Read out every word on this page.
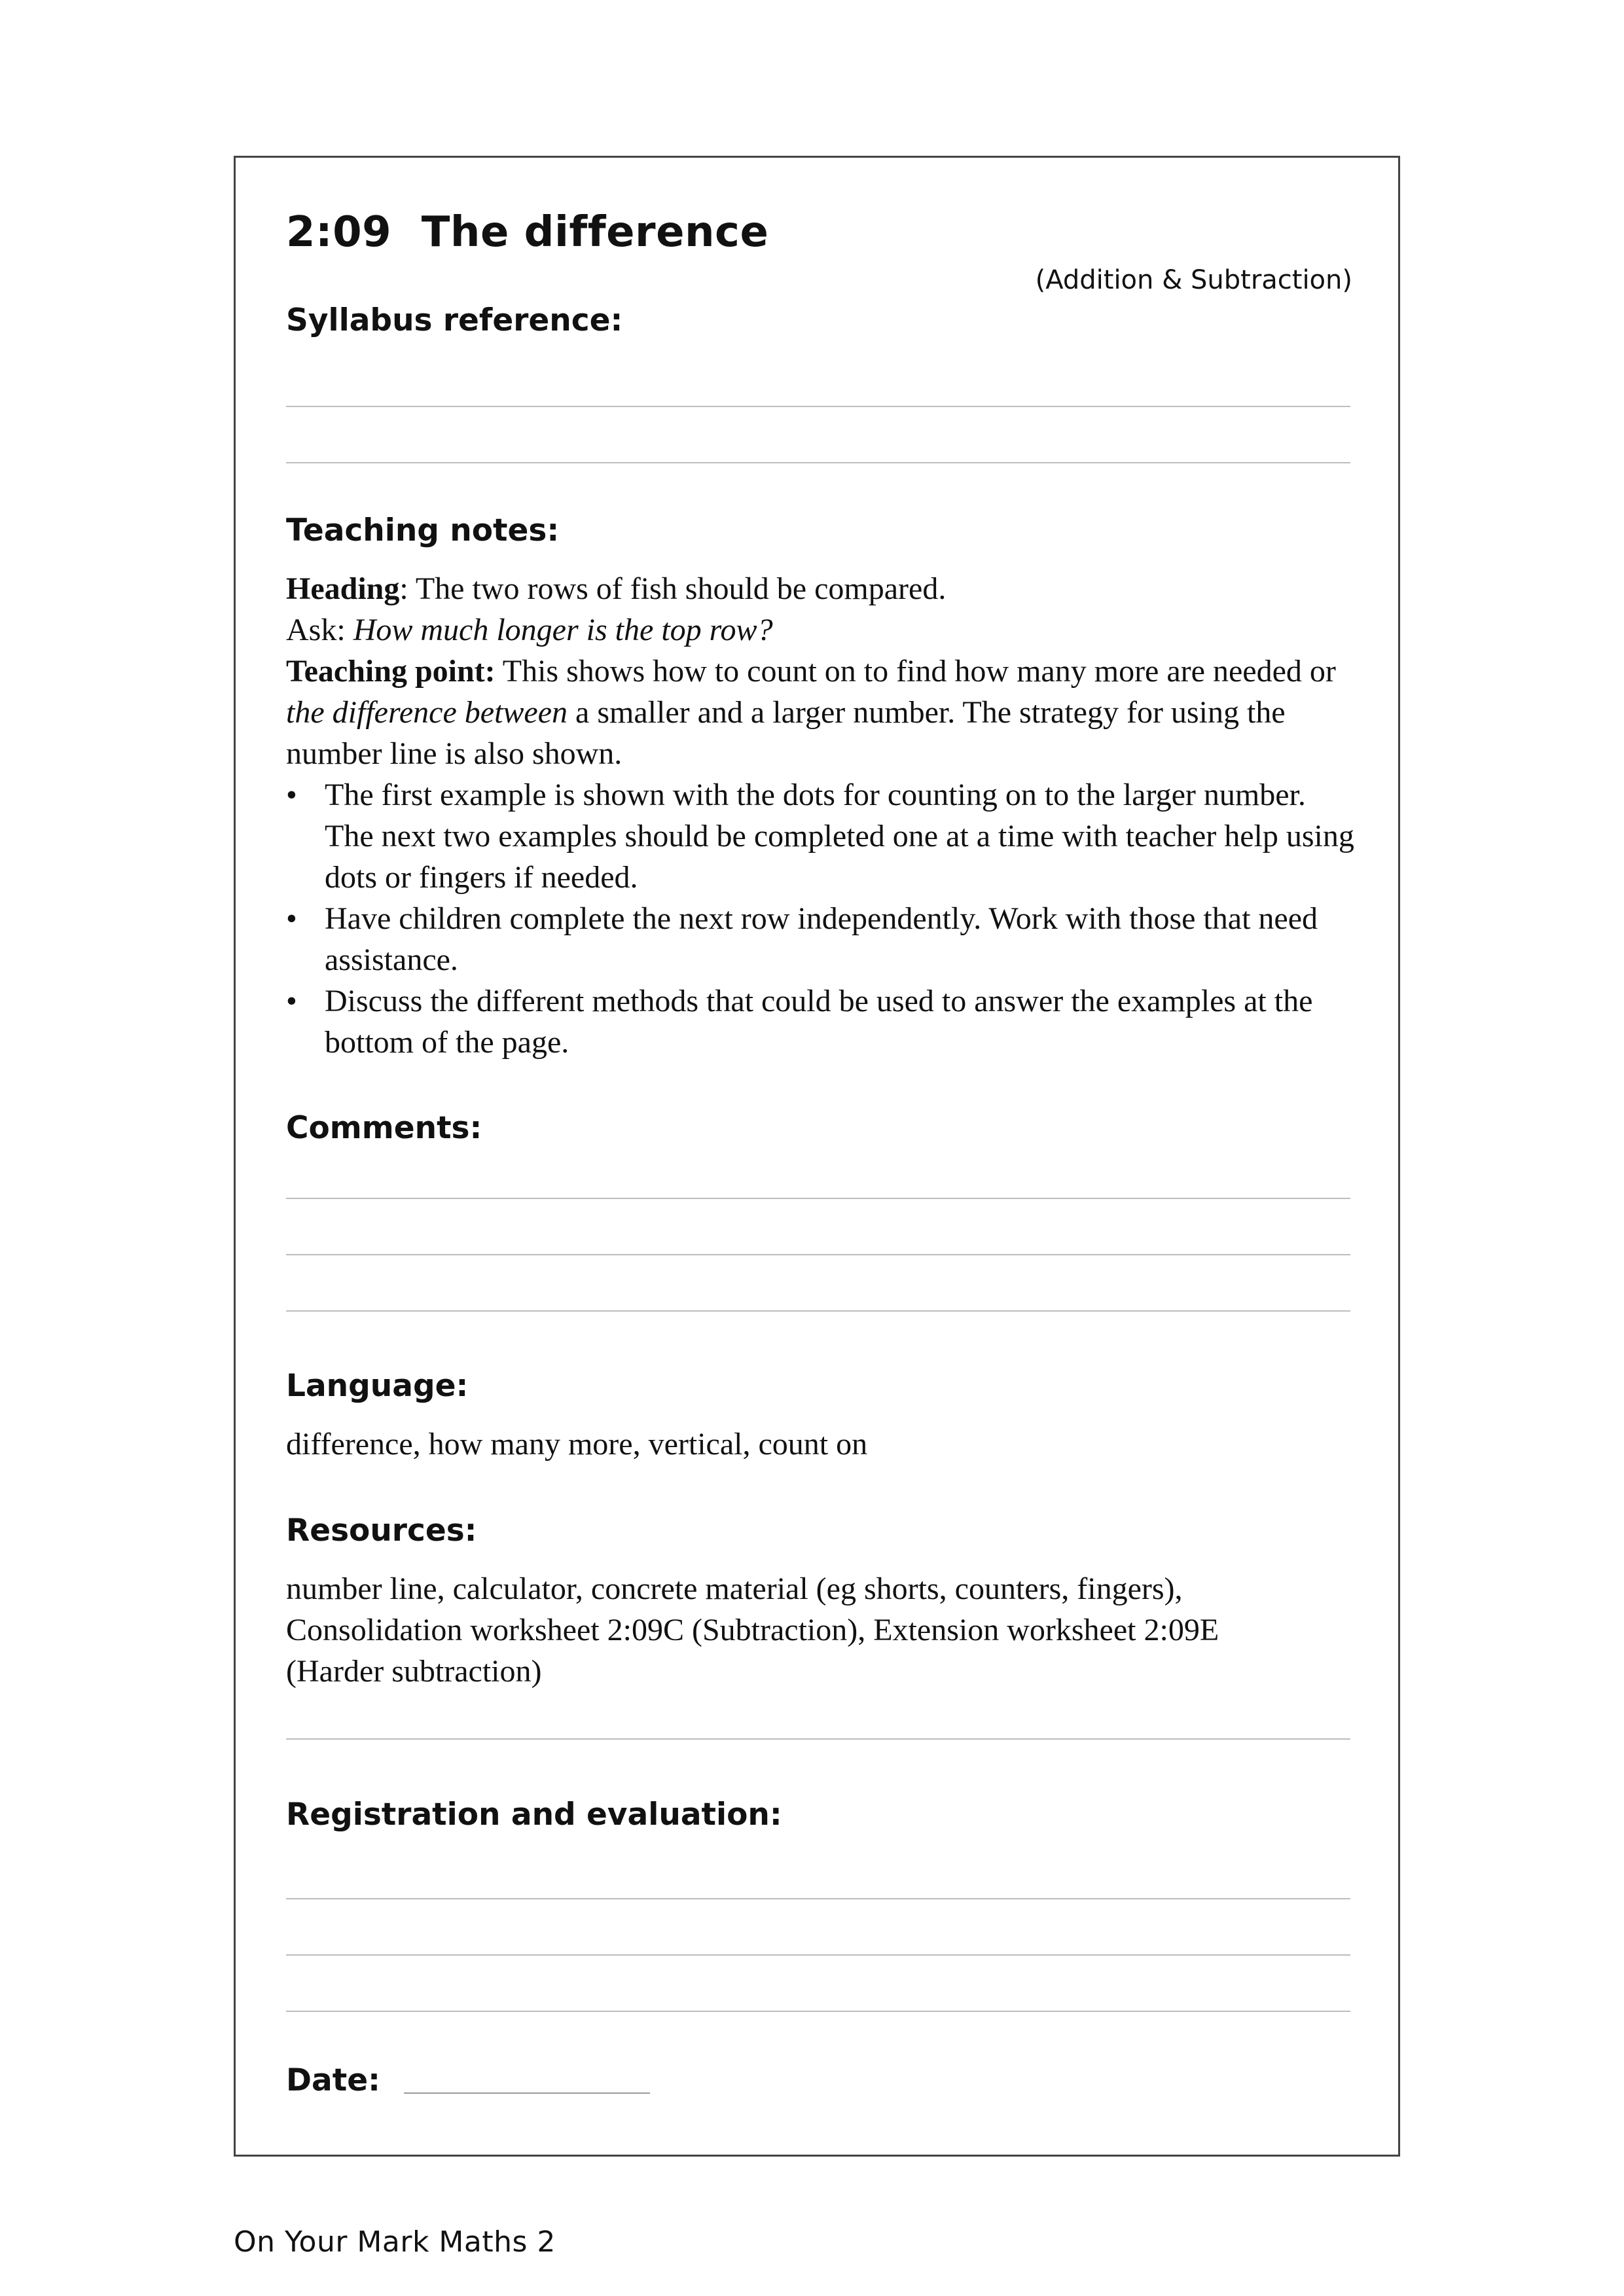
2:09 The difference
(Addition & Subtraction)
Syllabus reference:
Teaching notes:

Heading: The two rows of fish should be compared.

Ask: How much longer is the top row?

Teaching point: This shows how to count on to find how many more are needed or the difference between a smaller and a larger number. The strategy for using the number line is also shown.

• The first example is shown with the dots for counting on to the larger number. The next two examples should be completed one at a time with teacher help using dots or fingers if needed.
• Have children complete the next row independently. Work with those that need assistance.
• Discuss the different methods that could be used to answer the examples at the bottom of the page.
Comments:
Language:
difference, how many more, vertical, count on
Resources:
number line, calculator, concrete material (eg shorts, counters, fingers), Consolidation worksheet 2:09C (Subtraction), Extension worksheet 2:09E (Harder subtraction)
Registration and evaluation:
Date:
On Your Mark Maths 2
